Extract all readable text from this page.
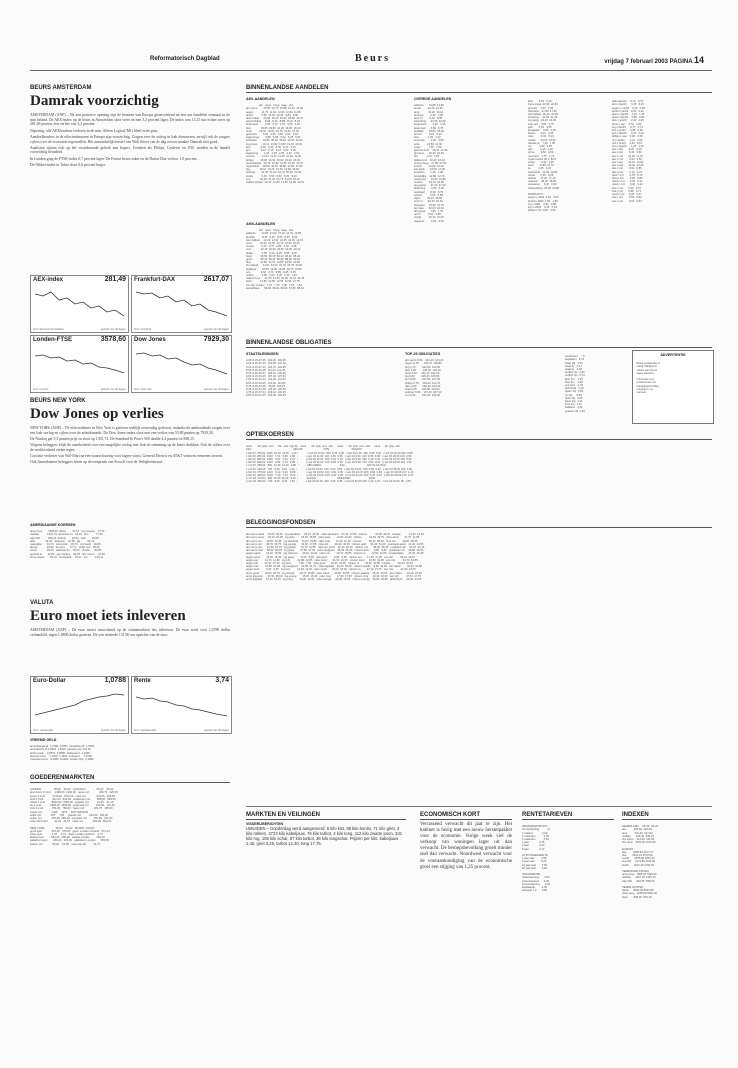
Reformatorisch Dagblad	Beurs	vrijdag 7 februari 2003 PAGINA 14
BEURS AMSTERDAM
Damrak voorzichtig

AMSTERDAM (ANP) – Na een positieve opening zijn de beurzen van Europa gisterochtend na een uur handelen eenmaal in de min beland. De AEX-index op de beurs in Amsterdam sloot weer en met 3,2 procent lager. De index was 13,15 uur echter weer op 281,49 punten, een verlies van 3,2 procent.

Neprenig, alle AEXfondsen verloren in de min. Alleen LogicaCMG bleef in de plus.

Aandeelhouders in de effectenbeurzen in Europa zijn voorzichtig. Zorgen over de oorlog in Irak domineren, terwijl ook de jongste cijfers over de economie tegenvallen. Het aanvankelijk herstel van Wall Street van de dag ervoor maakte Damrak niet goed.

Analisten wijzen ook op het voortdurende gebrek aan kopers. Fondsen als Philips, Unilever en ING werden in de handel voorzichtig benaderd.

In Londen ging de FTSE-index 0,7 procent lager. De Franse beurs zakte en de Duitse Dax verloor 1,0 procent.

De Nikkei-index in Tokio sloot 0,6 procent hoger.

AEX-index	281,49
bron: Euronext Amsterdam	periode van 30 dagen
Frankfurt-DAX	2617,07
bron: Frankfurt	periode van 30 dagen
Londen-FTSE	3578,60
bron: Londen	periode van 30 dagen
Dow Jones	7929,30
bron: New York	periode van 30 dagen
BEURS NEW YORK
Dow Jones op verlies

NEW YORK (ANP) – De effectenbeurs in New York is gisteren redelijk eenvoudig gesloten, ondanks de aanhoudende zorgen over een Irak-oorlog en cijfers over de arbeidsmarkt. De Dow Jones-index sloot met een verlies van 55,88 punten op 7929,30.

De Nasdaq gaf 5,3 punten prijs en sloot op 1301,73. De Standard & Poor's 500 daalde 4,4 punten tot 838,15.

Volgens beleggers blijft de onzekerheid over een mogelijke oorlog met Irak de stemming op de beurs drukken. Ook de cijfers over de werkloosheid vielen tegen.

Grootste verliezer was Wal-Mart na een waarschuwing voor lagere winst. General Electric en AT&T verloren eveneens terrein.

Ook Amerikaanse beleggers letten op de toespraak van Powell voor de Veiligheidsraad.

AMERIKAANSE KOERSEN

dow jones        7929,30  alcoa         20,19   hp compaq    17,63
nasdaq           1301,73  american ex   34,91   ibm          77,63
s&p 500           838,15  boeing        30,54   intel        15,68
at&t              19,40   citigroup     34,58   j&j          52,13
caterpillar       43,70   coca cola     39,79   microsoft    46,89
disney            16,92   du pont       37,71   philip mor   38,49
exxon             33,26   eastman ko    29,04   procter      84,80
general el        22,82   gen motors    35,48   sbc comm     24,60
home depot        20,10   honeywell     23,47   3m          124,11
VALUTA
Euro moet iets inleveren

AMSTERDAM (ANP) – De euro moest vanochtend op de valutamarkten iets inleveren. De euro werd voor 1,0788 dollar verhandeld, tegen 1,0800 dollar gisteren. De yen noteerde 131,90 ten opzichte van de euro.

Euro-Dollar	1,0788
bron: valutamarkt	periode van 30 dagen
Rente	3,74
bron: kapitaalmarkt	periode van 30 dagen
VREEMD GELD

amerikaanse dl  1,0788  1,0800  canadese dlr  1,6460
australische dl 1,8330  1,8320  japanse yen 131,90
britse pond     0,6574  0,6580  zwitserse fr  1,4665
deense kroon    7,4326  7,4324  noorse kr     7,5700
zweedse kroon   9,2380  9,2400  poolse zloty  4,1680
GOEDERENMARKTEN

LONDEN                 05-02    06-02   CHICAGO               05-02    06-02
aluminium 3 mnd      1399,00  1392,00   tarwe mrt             326,75   320,00
koper 3 mnd          1718,00  1702,00   mais mrt              239,25   236,50
lood 3 mnd            441,00   440,00   sojabonen mrt         588,00   584,50
nikkel 3 mnd         8010,00  7960,00   sojaolie mrt           21,25    21,10
tin 3 mnd            4395,00  4360,00   sojameel mrt          162,80   161,40
zink 3 mnd            781,00   780,00   haver mrt             186,75   185,00
cacao mrt             1468     1475     ROTTERDAM
koffie mrt             697      705     gasolie mrt           294,00   290,00
suiker mrt             187,60  188,40   stookolie mrt         164,00   161,50
ruwe olie brent         31,42   30,87   nafta mrt             309,00   302,00

NEW YORK               05-02    06-02   ZILVER / GOUD
goud spot             372,40   370,20   goud  Londen ochtend   371,10
zilver spot             4,78     4,72   zilver Londen ochtend    4,79
platina spot          684,00   680,00   platina Londen         683,00
palladium spot        266,00   264,00   palladium Londen       265,00
katoen mrt             55,20    54,90   ruwe olie wti          34,72
BINNENLANDSE AANDELEN
AEX-AANDELEN

slot   open   hoog   laag   slot
abn amro        15,50  15,70  15,88  15,30  15,36
aegon           11,76  11,90  12,06  11,60  11,68
ahold            9,95  10,20  10,30   9,84   9,90
akzo nobel      25,85  26,10  26,40  25,60  25,70
asml holding     8,28   8,40   8,55   8,10   8,18
buhrmann         4,65   4,70   4,78   4,55   4,60
dsm             39,65  39,80  40,20  39,30  39,40
fortis          15,42  15,60  15,78  15,20  15,30
getronics        0,64   0,65   0,66   0,62   0,63
hagemeyer        5,88   5,95   6,02   5,78   5,82
heineken        34,80  35,00  35,40  34,50  34,60
ing groep       13,41  13,60  13,80  13,20  13,30
klm              6,32   6,40   6,50   6,20   6,25
kpn              6,10   6,15   6,24   6,00   6,05
logicacmg        2,43   2,45   2,55   2,40   2,52
numico          11,04  11,10  11,35  10,90  11,00
philips         16,08  16,30  16,52  15,90  16,00
reed elsevier   10,78  10,90  11,05  10,65  10,70
royal dutch     38,06  38,30  38,80  37,80  37,95
tpg             15,10  15,25  15,40  14,90  15,00
unilever        51,30  51,60  52,10  50,90  51,05
vedior           5,45   5,50   5,60   5,35   5,40
vnu             24,25  24,40  24,75  24,00  24,10
wolters kluwer  13,20  13,35  13,55  13,05  13,10
AMX-AANDELEN

slot   open   hoog   laag   slot
aalberts        14,80  14,90  15,10  14,70  14,85
arcadis          8,35   8,40   8,50   8,25   8,30
bam ballast     12,20  12,30  12,45  12,05  12,15
corio           22,40  22,50  22,70  22,30  22,45
crucell          2,70   2,75   2,85   2,62   2,68
csm             20,15  20,30  20,55  20,00  20,10
draka            9,05   9,10   9,25   8,95   9,00
fugro           38,50  38,70  39,10  38,20  38,40
gucci           89,10  89,30  89,60  88,90  89,20
hbg             13,60  13,70  13,85  13,50  13,58
ihc caland      44,00  44,20  44,70  43,70  43,90
nedlloyd        18,90  19,00  19,25  18,70  18,80
oce              9,60   9,70   9,85   9,45   9,55
ordina           1,95   2,00   2,05   1,90   1,94
rodamco eu      41,30  41,50  41,90  41,10  41,25
stork           12,80  12,90  13,05  12,65  12,75
van der moolen   7,70   7,75   7,90   7,55   7,62
wereldhave      58,00  58,20  58,60  57,80  58,10
OVERIGE AANDELEN

aalberts       14,85  14,80
accell         12,40  12,35
amg            10,20  10,10
antonov         0,30   0,29
asm int         9,10   8,95
batenburg      22,50  22,40
begemann        4,20   4,15
beter bed       6,80   6,75
boskalis       18,60  18,40
brunel          3,15   3,10
ctac            1,05   1,02
econosto        4,90   4,85
eriks          21,80  21,60
exact           7,95   7,80
gamma hold     28,10  27,90
grontmij       19,40  19,30
hitt            2,70   2,65
holland col    16,20  16,10
hunter doug    27,80  27,50
imtech         14,50  14,30
kas bank       18,00  17,90
kendrion        1,40   1,38
koninklijke    12,80  12,70
macintosh      10,90  10,80
nutreco        19,70  19,50
opg groep      27,40  27,20
pharming        0,95   0,92
randstad        8,90   8,75
samas           0,60   0,58
sligro         35,10  35,00
smit int       20,30  20,10
telegraaf      15,80  15,70
ten cate       22,60  22,40
tkh group       7,80   7,70
unit 4          3,90   3,85
vopak          10,10  10,00
wegener         6,05   6,00

flexi        5,20   5,10
frans maas  22,90  22,80
gti hold     4,60   4,55
heijmans    17,80  17,60
hes beheer  22,10  22,00
homburg     31,50  31,40
ing vastg   24,20  24,00
inter acc    3,80   3,75
jetix        4,10   4,05
kpnqwest     0,05   0,05
laurus       2,10   2,05
m&n          8,30   8,20
nedap       24,50  24,30
nieuwe st    7,40   7,35
nrc          4,90   4,85
p&c          1,30   1,28
prime        9,60   9,50
rood test    1,75   1,72
royal reesink 90,0  89,5
simac        3,40   3,35
stern       11,80  11,70
tie          1,25   1,22
twentsche   12,60  12,50
univar       6,10   6,05
ubbink      17,20  17,10
vastned     48,30  48,00
wessanen     6,40   6,30
zwanenberg  26,00  25,80

WARRANTS
aegon c 2003  0,52   0,50
ahold p 2003  1,80   1,85
ing c 2004    0,90   0,88
kpn c 2003    0,25   0,24
philips c 03  0,64   0,60

aalb warrant     0,72   0,70
abn c dec03      0,45   0,43
aegon c mrt03    0,30   0,28
ahold c jun03    0,22   0,20
akzo c sep03     1,10   1,05
asml c dec03     0,85   0,80
dsm c jun03      2,40   2,35
fortis c sep     0,62   0,60
ing c dec03      0,77   0,74
klm c jun03      0,38   0,36
kpn c dec03      0,41   0,39
philips c sep    0,98   0,95
rd c dec03       2,10   2,05
unil c jun03     3,20   3,15
vnu c sep03      1,45   1,40
aex c feb        8,20   8,10
aex p feb        6,40   6,60
aex c mrt       11,90  11,70
aex p mrt        9,30   9,50
aex c apr       14,10  13,90
aex p apr       12,20  12,40
dax c mrt        0,90   0,85
dax p mrt        1,10   1,15
dow c mrt        0,75   0,70
dow p mrt        0,82   0,86
nasd c mrt       0,33   0,31
nasd p mrt       0,40   0,42
ftse c mrt       0,60   0,57
ftse p mrt       0,68   0,71
topix c mrt      0,28   0,27
cac c mrt        0,55   0,52
cac p mrt        0,61   0,64
BINNENLANDSE OBLIGATIES
STAATSLENINGEN

4,00 nl 15-07-05   102,20  102,35
4,25 nl 15-07-13   100,85  101,10
5,00 nl 15-07-12   104,70  104,95
5,50 nl 15-01-28   111,20  111,45
5,75 nl 15-02-07   109,10  109,30
6,00 nl 15-01-06   107,40  107,60
7,50 nl 15-01-23   131,20  131,50
8,50 nl 15-03-06   113,60  113,80
3,75 nl 15-07-09    99,90  100,10
5,25 nl 15-07-08   106,40  106,60
4,75 nl 15-07-04   103,10  103,25
5,00 nl 15-01-05   104,20  104,35
TOP-25 OBLIGATIES

abn amro 5,50    104,10  104,20
aegon 5,75       103,70  103,80
bng 4,75         102,90  103,00
dsm 6,25         106,30  106,40
fortis 5,00      102,10  102,20
ing 6,00         105,40  105,50
kpn 8,00         107,80  107,90
philips 5,75     104,60  104,70
rabo 4,50        102,30  102,40
shell 5,25       104,80  104,90
unilever 6,50    107,20  107,30
vnu 5,62         101,90  102,00

rendement      %
kapitaalm.  3,74
staat 10j   4,06
staat 5j    3,17
staat 2j    2,48
euribor 3m  2,80
euribor 6m  2,74
libor 3m    1,35
libor 6m    1,36
ecb herf.   2,75
fed funds   1,25
japan 10j   0,81
vs 10j      3,99
duits 10j   4,05
frans 10j   4,11
brits 10j   4,27
italiaans   4,33
spaans 10j  4,19
ADVERTENTIE

Beleg verstandig en
vraag vrijblijvend
advies aan bij uw
eigen adviseur.

Informatie over
rendementen en
beleggingsfondsen
ontvangt u op
verzoek.
OPTIEKOERSEN

serie        afl  prijs  omz      lnk   slot  opp.bij    serie       afl  prijs  omz  slot      serie       afl  prijs  omz  slot      serie      afl  prijs  slot
AEX                                                        AEGON                            KPN                              PHILIPS
c feb 03  275,00  1180  10,10  10,00   1,20  ↑           c feb 03 10,00  250  0,35  0,40   c feb 03 6,00  180  0,25  0,30   c feb 03 16,00 240  0,55
c feb 03  280,00  2340   7,10   6,90   2,00  ↑           c apr 03 11,00  120  0,60  0,65   c apr 03 6,50  310  0,35  0,38   c apr 03 18,00 160  0,80
c feb 03  285,00  1950   4,60   4,40   3,10  ↓           p feb 03 10,00  300  0,22  0,20   p feb 03 6,00  220  0,18  0,16   p feb 03 16,00 190  0,60
c feb 03  290,00  1420   2,80   2,70   4,80  ↓           p apr 03 11,00  140  0,95  0,90   p apr 03 6,50  270  0,62  0,60   p apr 03 18,00 110  1,90
c mrt 03  280,00   860  14,40  14,10   0,90  ↑           ABN AMRO                         ING                              ROYAL DUTCH
c mrt 03  290,00   720   9,30   9,10   1,40  ↑           c feb 03 15,00  210  0,60  0,65   c feb 03 13,00  330  0,58  0,62   c feb 03 38,00 150  0,90
p feb 03  275,00  1210   5,10   5,40   6,80  ↓           c apr 03 16,00  130  0,90  0,95   c apr 03 14,00  260  0,80  0,84   c apr 03 40,00 120  1,20
p feb 03  280,00  1640   7,40   7,70   8,20  ↓           p feb 03 15,00  180  0,40  0,38   p feb 03 13,00  290  0,35  0,33   p feb 03 38,00 130  0,75
p mrt 03  270,00   980  11,60  11,90   9,10  ↓           AHOLD                            UNILEVER                         DSM
p mrt 03  260,00   740   8,20   8,40   7,60  ↓           c feb 03 10,00  400  0,36  0,38   c feb 03 52,00 140  1,10  1,15   c feb 03 40,00  90  1,05
BELEGGINGSFONDSEN

abn amro aand     33,20  33,40   ing aandelen     25,10  25,30   rabo aandelen    27,40  27,55   robeco           44,90  45,20   orange           13,20  13,30
abn amro amer     22,10  22,25   ing azie         18,40  18,55   rabo amer        14,80  14,90   rolinco          19,60  19,75   ohra aand        21,70  21,85
abn amro eur      19,80  19,95   ing dividend     31,60  31,80   rabo azie        11,20  11,30   rorento          58,10  58,20   ohra obl         48,30  48,35
abn amro obl      45,70  45,75   ing europa       16,90  17,05   rabo obl         46,40  46,45   robeco geld      51,20  51,20   postbank aand    24,40  24,55
abn amro pac      12,60  12,70   ing global       14,70  14,85   rabo onr goed    32,10  32,20   robeco mix       28,30  28,45   postbank obl     52,10  52,15
abn amro vast     38,90  39,05   ing groei        27,80  27,95   rabo vastgoed    36,30  36,45   robeco tech       9,80   9,90   postbank mix     36,80  36,95
aegon aand        19,40  19,55   ing inkomen      33,10  33,20   rabo mix         29,70  29,85   robeco us        22,50  22,65   snsaandelen      26,30  26,45
aegon amer        16,20  16,30   ing japan         8,40   8,45   rabo tech         6,90   6,95   robeco eur       17,20  17,35   sns obl          49,10  49,15
aegon eur         14,70  14,80   ing obl          42,80  42,85   rabo duurz       21,50  21,65   robeco cons      32,80  32,95   sns mix          34,70  34,85
aegon obl         47,20  47,25   ing tech          7,60   7,65   rabo groei       24,20  24,35   robeco nl        40,60  40,85   triodos          32,40  32,50
aegon mix         31,80  31,95   ing vastgoed     41,50  41,70   rabo kapitaal    52,30  52,35   robeco pacific    9,90  10,00   asn aand         33,60  33,80
aegon tech         6,40   6,45   ing verz         12,30  12,40   rabo small       18,10  18,20   robeco vs        27,10  27,25   asn mix          41,90  42,05
amro groei        26,60  26,75   ing wereld       20,70  20,85   rabo value       23,80  23,95   robeco waarde    35,40  35,55   asn milieu       24,10  24,20
amro inkomen      37,90  38,00   ing young        15,30  15,40   rabo zorg        17,50  17,60   robeco zorg      16,30  16,40   asn obl          47,70  47,75
amro kapitaal     51,40  51,45   ing zorg         13,20  13,30   rabo energie     29,40  29,55   robeco energy    30,80  30,95   delta lloyd      22,90  23,05
MARKTEN EN VEILINGEN
VISSERIJBERICHTEN
UMUIDEN – Donderdag werd aangevoerd: 6 kilo kist, 95 kilo bonito, 71 kilo griet, 3 kilo rokken, 2723 kilo kabeljauw, 76 kilo tarbot, 4 kilo tong, 112 kilo zwarte poon, 341 kilo rog, 108 kilo schar, 87 kilo tarbot, 36 kilo tongschar. Prijzen per kilo: kabeljauw 1,45, griet 3,25, tarbot 12,40, tong 17,75.
ECONOMISCH KORT
Verrassend verwacht dit jaar te zijn. Het kabinet is bezig met een nieuw herstelpakket voor de economie. Vorige week viel de verkoop van woningen lager uit dan verwacht. De beroepsbevolking groeit minder snel dan verwacht. Noordwest verwacht voor de vooraankondiging van de economische groei een stijging van 1,25 procent.
RENTETARIEVEN

RENTEDEPOSITO'S
termijn/bedrag           %
1 maand             2,00
3 maanden           2,05
6 maanden           2,10
1 jaar              2,15
2 jaar              2,40
5 jaar              3,10

HYPOTHEEKRENTE
1 jaar vast         4,90
5 jaar vast         5,20
10 jaar vast        5,60
20 jaar vast        6,00

SPAARRENTE
spaarrekening       2,50
internetsparen      3,00
bonusrekening       3,20
kapitaalrek.        3,40
deposito 1 jr       2,80
INDEXEN

NEDERLAND     05-02   06-02
aex          284,69  281,49
amx          331,20  327,90
midkap       342,40  339,10
cbs koers    314,60  311,80
cbs rend    1020,30 1010,80

EUROPA
dax         2636,20 2617,07
ftse        3604,10 3578,60
cac40       2878,90 2851,40
stoxx50     2174,80 2152,60
bel20       1810,40 1795,20

VERENIGDE STATEN
dow jones   7985,18 7929,30
nasdaq      1307,03 1301,73
s&p 500      842,55  838,15

VERRE OOSTEN
nikkei      8484,90 8532,80
hang seng   9258,50 9260,40
topix        838,20  843,10
